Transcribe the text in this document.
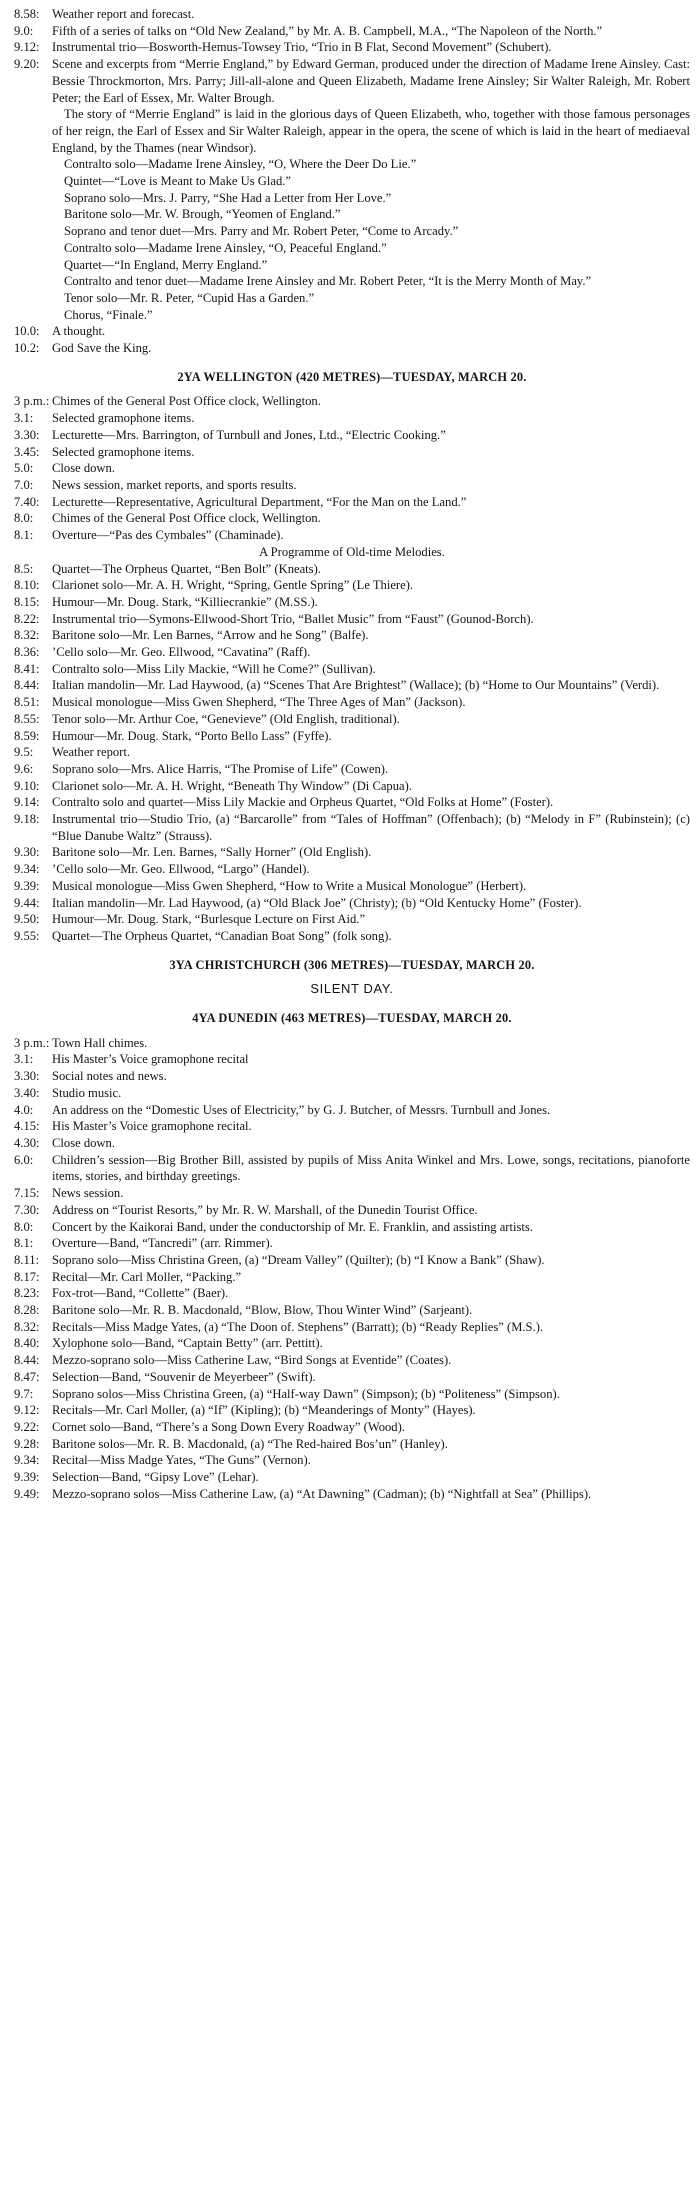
8.58: Weather report and forecast.
9.0: Fifth of a series of talks on “Old New Zealand,” by Mr. A. B. Campbell, M.A., “The Napoleon of the North.”
9.12: Instrumental trio—Bosworth-Hemus-Towsey Trio, “Trio in B Flat, Second Movement” (Schubert).
9.20: Scene and excerpts from “Merrie England,” by Edward German, produced under the direction of Madame Irene Ainsley. Cast: Bessie Throckmorton, Mrs. Parry; Jill-all-alone and Queen Elizabeth, Madame Irene Ainsley; Sir Walter Raleigh, Mr. Robert Peter; the Earl of Essex, Mr. Walter Brough.
The story of “Merrie England” is laid in the glorious days of Queen Elizabeth, who, together with those famous personages of her reign, the Earl of Essex and Sir Walter Raleigh, appear in the opera, the scene of which is laid in the heart of mediaeval England, by the Thames (near Windsor).
Contralto solo—Madame Irene Ainsley, “O, Where the Deer Do Lie.”
Quintet—“Love is Meant to Make Us Glad.”
Soprano solo—Mrs. J. Parry, “She Had a Letter from Her Love.”
Baritone solo—Mr. W. Brough, “Yeomen of England.”
Soprano and tenor duet—Mrs. Parry and Mr. Robert Peter, “Come to Arcady.”
Contralto solo—Madame Irene Ainsley, “O, Peaceful England.”
Quartet—“In England, Merry England.”
Contralto and tenor duet—Madame Irene Ainsley and Mr. Robert Peter, “It is the Merry Month of May.”
Tenor solo—Mr. R. Peter, “Cupid Has a Garden.”
Chorus, “Finale.”
10.0: A thought.
10.2: God Save the King.
2YA WELLINGTON (420 METRES)—TUESDAY, MARCH 20.
3 p.m.: Chimes of the General Post Office clock, Wellington.
3.1: Selected gramophone items.
3.30: Lecturette—Mrs. Barrington, of Turnbull and Jones, Ltd., “Electric Cooking.”
3.45: Selected gramophone items.
5.0: Close down.
7.0: News session, market reports, and sports results.
7.40: Lecturette—Representative, Agricultural Department, “For the Man on the Land.”
8.0: Chimes of the General Post Office clock, Wellington.
8.1: Overture—“Pas des Cymbales” (Chaminade).
A Programme of Old-time Melodies.
8.5: Quartet—The Orpheus Quartet, “Ben Bolt” (Kneats).
8.10: Clarionet solo—Mr. A. H. Wright, “Spring, Gentle Spring” (Le Thiere).
8.15: Humour—Mr. Doug. Stark, “Killiecrankie” (M.SS.).
8.22: Instrumental trio—Symons-Ellwood-Short Trio, “Ballet Music” from “Faust” (Gounod-Borch).
8.32: Baritone solo—Mr. Len Barnes, “Arrow and he Song” (Balfe).
8.36: ’Cello solo—Mr. Geo. Ellwood, “Cavatina” (Raff).
8.41: Contralto solo—Miss Lily Mackie, “Will he Come?” (Sullivan).
8.44: Italian mandolin—Mr. Lad Haywood, (a) “Scenes That Are Brightest” (Wallace); (b) “Home to Our Mountains” (Verdi).
8.51: Musical monologue—Miss Gwen Shepherd, “The Three Ages of Man” (Jackson).
8.55: Tenor solo—Mr. Arthur Coe, “Genevieve” (Old English, traditional).
8.59: Humour—Mr. Doug. Stark, “Porto Bello Lass” (Fyffe).
9.5: Weather report.
9.6: Soprano solo—Mrs. Alice Harris, “The Promise of Life” (Cowen).
9.10: Clarionet solo—Mr. A. H. Wright, “Beneath Thy Window” (Di Capua).
9.14: Contralto solo and quartet—Miss Lily Mackie and Orpheus Quartet, “Old Folks at Home” (Foster).
9.18: Instrumental trio—Studio Trio, (a) “Barcarolle” from “Tales of Hoffman” (Offenbach); (b) “Melody in F” (Rubinstein); (c) “Blue Danube Waltz” (Strauss).
9.30: Baritone solo—Mr. Len. Barnes, “Sally Horner” (Old English).
9.34: ’Cello solo—Mr. Geo. Ellwood, “Largo” (Handel).
9.39: Musical monologue—Miss Gwen Shepherd, “How to Write a Musical Monologue” (Herbert).
9.44: Italian mandolin—Mr. Lad Haywood, (a) “Old Black Joe” (Christy); (b) “Old Kentucky Home” (Foster).
9.50: Humour—Mr. Doug. Stark, “Burlesque Lecture on First Aid.”
9.55: Quartet—The Orpheus Quartet, “Canadian Boat Song” (folk song).
3YA CHRISTCHURCH (306 METRES)—TUESDAY, MARCH 20.
SILENT DAY.
4YA DUNEDIN (463 METRES)—TUESDAY, MARCH 20.
3 p.m.: Town Hall chimes.
3.1: His Master’s Voice gramophone recital
3.30: Social notes and news.
3.40: Studio music.
4.0: An address on the “Domestic Uses of Electricity,” by G. J. Butcher, of Messrs. Turnbull and Jones.
4.15: His Master’s Voice gramophone recital.
4.30: Close down.
6.0: Children’s session—Big Brother Bill, assisted by pupils of Miss Anita Winkel and Mrs. Lowe, songs, recitations, pianoforte items, stories, and birthday greetings.
7.15: News session.
7.30: Address on “Tourist Resorts,” by Mr. R. W. Marshall, of the Dunedin Tourist Office.
8.0: Concert by the Kaikorai Band, under the conductorship of Mr. E. Franklin, and assisting artists.
8.1: Overture—Band, “Tancredi” (arr. Rimmer).
8.11: Soprano solo—Miss Christina Green, (a) “Dream Valley” (Quilter); (b) “I Know a Bank” (Shaw).
8.17: Recital—Mr. Carl Moller, “Packing.”
8.23: Fox-trot—Band, “Collette” (Baer).
8.28: Baritone solo—Mr. R. B. Macdonald, “Blow, Blow, Thou Winter Wind” (Sarjeant).
8.32: Recitals—Miss Madge Yates, (a) “The Doon of. Stephens” (Barratt); (b) “Ready Replies” (M.S.).
8.40: Xylophone solo—Band, “Captain Betty” (arr. Pettitt).
8.44: Mezzo-soprano solo—Miss Catherine Law, “Bird Songs at Eventide” (Coates).
8.47: Selection—Band, “Souvenir de Meyerbeer” (Swift).
9.7: Soprano solos—Miss Christina Green, (a) “Half-way Dawn” (Simpson); (b) “Politeness” (Simpson).
9.12: Recitals—Mr. Carl Moller, (a) “If” (Kipling); (b) “Meanderings of Monty” (Hayes).
9.22: Cornet solo—Band, “There’s a Song Down Every Roadway” (Wood).
9.28: Baritone solos—Mr. R. B. Macdonald, (a) “The Red-haired Bos’un” (Hanley).
9.34: Recital—Miss Madge Yates, “The Guns” (Vernon).
9.39: Selection—Band, “Gipsy Love” (Lehar).
9.49: Mezzo-soprano solos—Miss Catherine Law, (a) “At Dawning” (Cadman); (b) “Nightfall at Sea” (Phillips).
